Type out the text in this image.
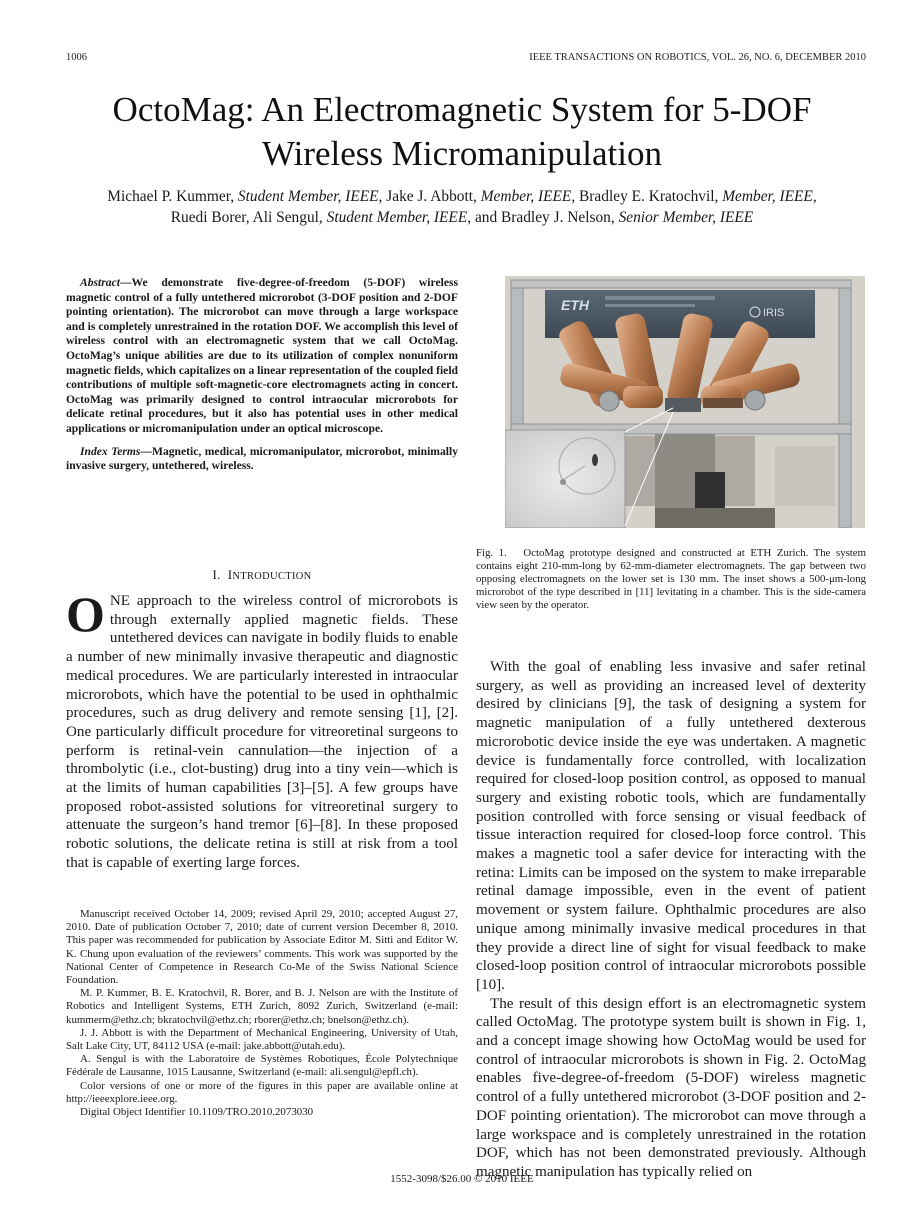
1006	IEEE TRANSACTIONS ON ROBOTICS, VOL. 26, NO. 6, DECEMBER 2010
OctoMag: An Electromagnetic System for 5-DOF
Wireless Micromanipulation
Michael P. Kummer, Student Member, IEEE, Jake J. Abbott, Member, IEEE, Bradley E. Kratochvil, Member, IEEE,
Ruedi Borer, Ali Sengul, Student Member, IEEE, and Bradley J. Nelson, Senior Member, IEEE

Abstract—We demonstrate five-degree-of-freedom (5-DOF) wireless magnetic control of a fully untethered microrobot (3-DOF position and 2-DOF pointing orientation). The microrobot can move through a large workspace and is completely unrestrained in the rotation DOF. We accomplish this level of wireless control with an electromagnetic system that we call OctoMag. OctoMag’s unique abilities are due to its utilization of complex nonuniform magnetic fields, which capitalizes on a linear representation of the coupled field contributions of multiple soft-magnetic-core electromagnets acting in concert. OctoMag was primarily designed to control intraocular microrobots for delicate retinal procedures, but it also has potential uses in other medical applications or micromanipulation under an optical microscope.

Index Terms—Magnetic, medical, micromanipulator, microrobot, minimally invasive surgery, untethered, wireless.

I. INTRODUCTION

ONE approach to the wireless control of microrobots is through externally applied magnetic fields. These untethered devices can navigate in bodily fluids to enable a number of new minimally invasive therapeutic and diagnostic medical procedures. We are particularly interested in intraocular microrobots, which have the potential to be used in ophthalmic procedures, such as drug delivery and remote sensing [1], [2]. One particularly difficult procedure for vitreoretinal surgeons to perform is retinal-vein cannulation—the injection of a thrombolytic (i.e., clot-busting) drug into a tiny vein—which is at the limits of human capabilities [3]–[5]. A few groups have proposed robot-assisted solutions for vitreoretinal surgery to attenuate the surgeon’s hand tremor [6]–[8]. In these proposed robotic solutions, the delicate retina is still at risk from a tool that is capable of exerting large forces.

Manuscript received October 14, 2009; revised April 29, 2010; accepted August 27, 2010. Date of publication October 7, 2010; date of current version December 8, 2010. This paper was recommended for publication by Associate Editor M. Sitti and Editor W. K. Chung upon evaluation of the reviewers’ comments. This work was supported by the National Center of Competence in Research Co-Me of the Swiss National Science Foundation.

M. P. Kummer, B. E. Kratochvil, R. Borer, and B. J. Nelson are with the Institute of Robotics and Intelligent Systems, ETH Zurich, 8092 Zurich, Switzerland (e-mail: kummerm@ethz.ch; bkratochvil@ethz.ch; rborer@ethz.ch; bnelson@ethz.ch).

J. J. Abbott is with the Department of Mechanical Engineering, University of Utah, Salt Lake City, UT, 84112 USA (e-mail: jake.abbott@utah.edu).

A. Sengul is with the Laboratoire de Systèmes Robotiques, École Polytechnique Fédérale de Lausanne, 1015 Lausanne, Switzerland (e-mail: ali.sengul@epfl.ch).

Color versions of one or more of the figures in this paper are available online at http://ieeexplore.ieee.org.

Digital Object Identifier 10.1109/TRO.2010.2073030

ETH	IRIS

Fig. 1. OctoMag prototype designed and constructed at ETH Zurich. The system contains eight 210-mm-long by 62-mm-diameter electromagnets. The gap between two opposing electromagnets on the lower set is 130 mm. The inset shows a 500-μm-long microrobot of the type described in [11] levitating in a chamber. This is the side-camera view seen by the operator.

With the goal of enabling less invasive and safer retinal surgery, as well as providing an increased level of dexterity desired by clinicians [9], the task of designing a system for magnetic manipulation of a fully untethered dexterous microrobotic device inside the eye was undertaken. A magnetic device is fundamentally force controlled, with localization required for closed-loop position control, as opposed to manual surgery and existing robotic tools, which are fundamentally position controlled with force sensing or visual feedback of tissue interaction required for closed-loop force control. This makes a magnetic tool a safer device for interacting with the retina: Limits can be imposed on the system to make irreparable retinal damage impossible, even in the event of patient movement or system failure. Ophthalmic procedures are also unique among minimally invasive medical procedures in that they provide a direct line of sight for visual feedback to make closed-loop position control of intraocular microrobots possible [10].

The result of this design effort is an electromagnetic system called OctoMag. The prototype system built is shown in Fig. 1, and a concept image showing how OctoMag would be used for control of intraocular microrobots is shown in Fig. 2. OctoMag enables five-degree-of-freedom (5-DOF) wireless magnetic control of a fully untethered microrobot (3-DOF position and 2-DOF pointing orientation). The microrobot can move through a large workspace and is completely unrestrained in the rotation DOF, which has not been demonstrated previously. Although magnetic manipulation has typically relied on

1552-3098/$26.00 © 2010 IEEE
